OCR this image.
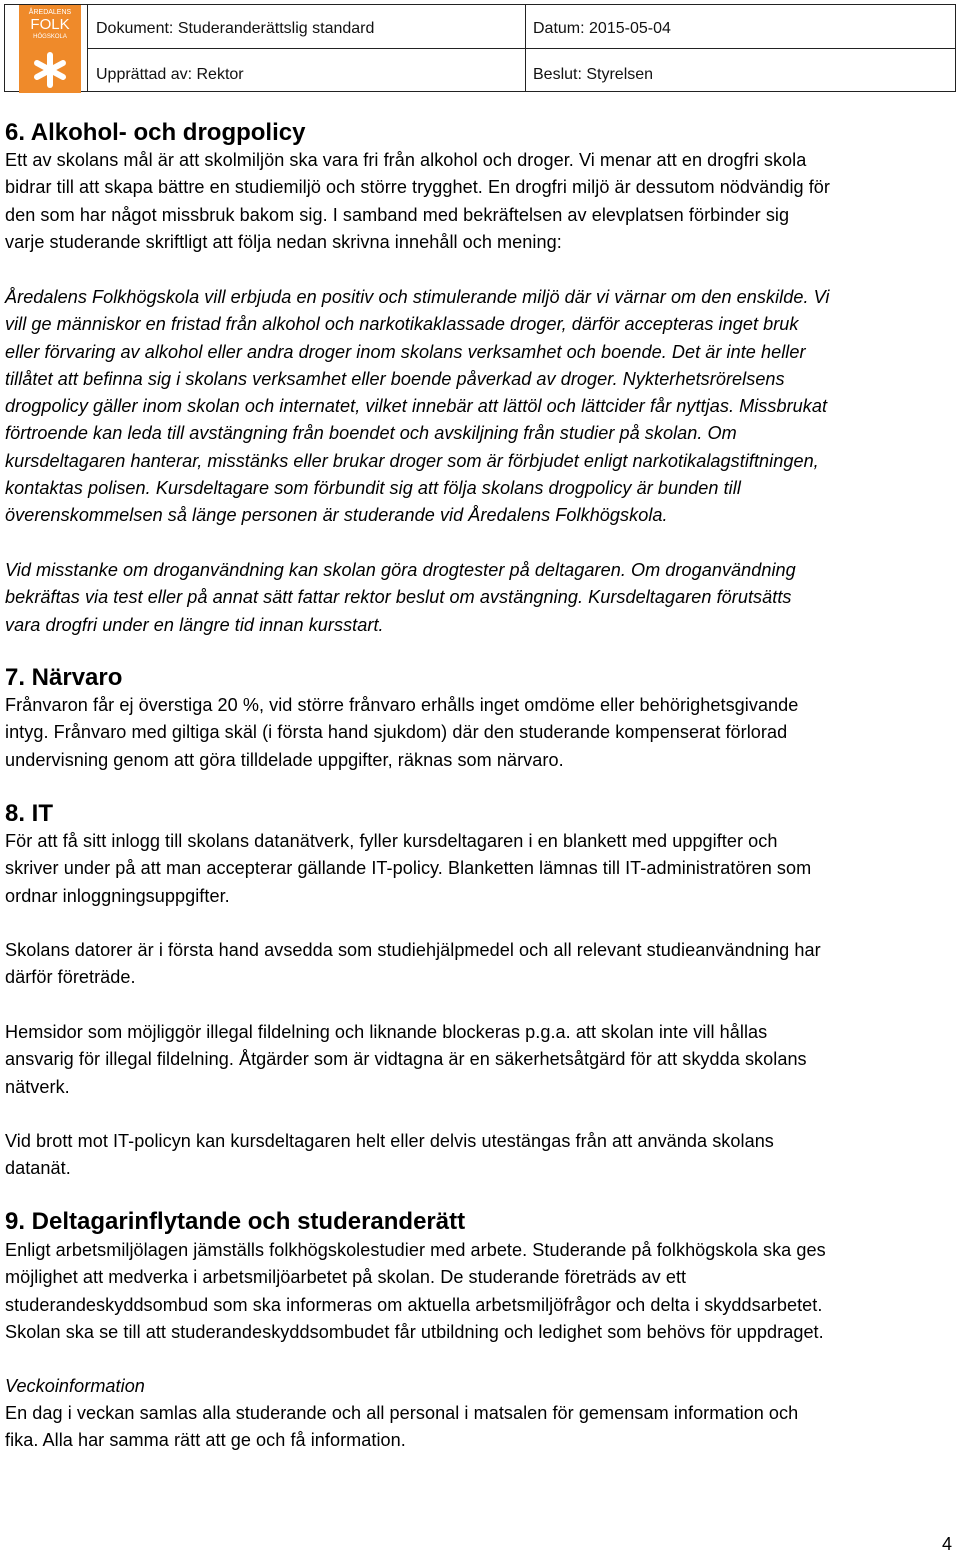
ÅREDALENS
FOLK
HÖGSKOLA Dokument: Studeranderättslig standard	Datum: 2015-05-04
Upprättad av: Rektor	Beslut: Styrelsen
6. Alkohol- och drogpolicy
Ett av skolans mål är att skolmiljön ska vara fri från alkohol och droger. Vi menar att en drogfri skola
bidrar till att skapa bättre en studiemiljö och större trygghet. En drogfri miljö är dessutom nödvändig för
den som har något missbruk bakom sig. I samband med bekräftelsen av elevplatsen förbinder sig
varje studerande skriftligt att följa nedan skrivna innehåll och mening:
Åredalens Folkhögskola vill erbjuda en positiv och stimulerande miljö där vi värnar om den enskilde. Vi
vill ge människor en fristad från alkohol och narkotikaklassade droger, därför accepteras inget bruk
eller förvaring av alkohol eller andra droger inom skolans verksamhet och boende. Det är inte heller
tillåtet att befinna sig i skolans verksamhet eller boende påverkad av droger. Nykterhetsrörelsens
drogpolicy gäller inom skolan och internatet, vilket innebär att lättöl och lättcider får nyttjas. Missbrukat
förtroende kan leda till avstängning från boendet och avskiljning från studier på skolan. Om
kursdeltagaren hanterar, misstänks eller brukar droger som är förbjudet enligt narkotikalagstiftningen,
kontaktas polisen. Kursdeltagare som förbundit sig att följa skolans drogpolicy är bunden till
överenskommelsen så länge personen är studerande vid Åredalens Folkhögskola.
Vid misstanke om droganvändning kan skolan göra drogtester på deltagaren. Om droganvändning
bekräftas via test eller på annat sätt fattar rektor beslut om avstängning. Kursdeltagaren förutsätts
vara drogfri under en längre tid innan kursstart.
7. Närvaro
Frånvaron får ej överstiga 20 %, vid större frånvaro erhålls inget omdöme eller behörighetsgivande
intyg. Frånvaro med giltiga skäl (i första hand sjukdom) där den studerande kompenserat förlorad
undervisning genom att göra tilldelade uppgifter, räknas som närvaro.
8. IT
För att få sitt inlogg till skolans datanätverk, fyller kursdeltagaren i en blankett med uppgifter och
skriver under på att man accepterar gällande IT-policy. Blanketten lämnas till IT-administratören som
ordnar inloggningsuppgifter.
Skolans datorer är i första hand avsedda som studiehjälpmedel och all relevant studieanvändning har
därför företräde.
Hemsidor som möjliggör illegal fildelning och liknande blockeras p.g.a. att skolan inte vill hållas
ansvarig för illegal fildelning. Åtgärder som är vidtagna är en säkerhetsåtgärd för att skydda skolans
nätverk.
Vid brott mot IT-policyn kan kursdeltagaren helt eller delvis utestängas från att använda skolans
datanät.
9. Deltagarinflytande och studeranderätt
Enligt arbetsmiljölagen jämställs folkhögskolestudier med arbete. Studerande på folkhögskola ska ges
möjlighet att medverka i arbetsmiljöarbetet på skolan. De studerande företräds av ett
studerandeskyddsombud som ska informeras om aktuella arbetsmiljöfrågor och delta i skyddsarbetet.
Skolan ska se till att studerandeskyddsombudet får utbildning och ledighet som behövs för uppdraget.
Veckoinformation
En dag i veckan samlas alla studerande och all personal i matsalen för gemensam information och
fika. Alla har samma rätt att ge och få information.
4
